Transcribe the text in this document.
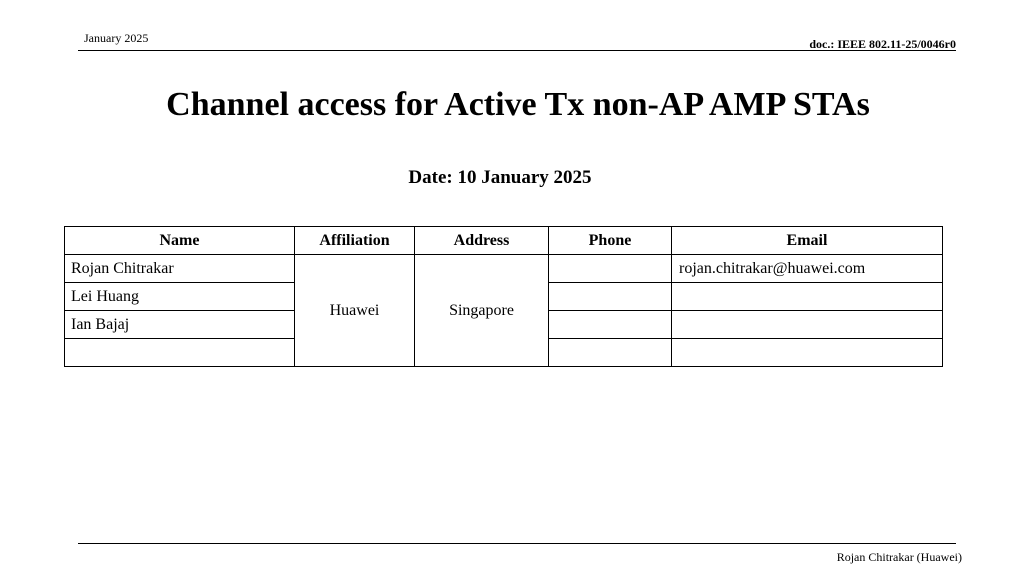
January 2025	doc.: IEEE 802.11-25/0046r0
Channel access for Active Tx non-AP AMP STAs
Date: 10 January 2025
Name	Affiliation	Address	Phone	Email
Rojan Chitrakar	Huawei	Singapore		rojan.chitrakar@huawei.com
Lei Huang				
Ian Bajaj				

Rojan Chitrakar (Huawei)
